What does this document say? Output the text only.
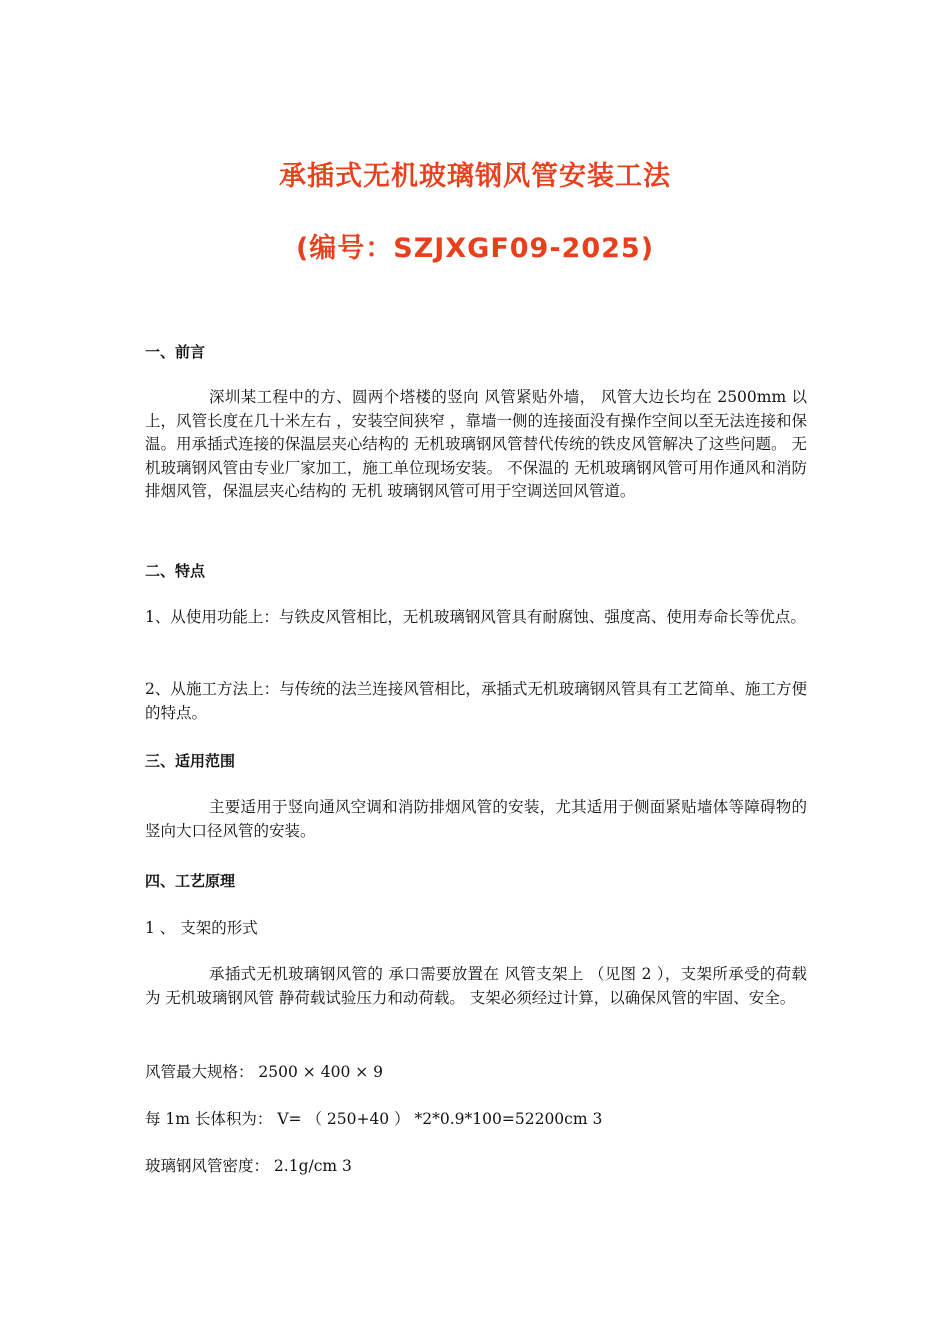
承插式无机玻璃钢风管安装工法
(编号：SZJXGF09-2025)
一、前言

深圳某工程中的方、圆两个塔楼的竖向 风管紧贴外墙， 风管大边长均在 2500mm 以上，风管长度在几十米左右 ，安装空间狭窄 ，靠墙一侧的连接面没有操作空间以至无法连接和保温。用承插式连接的保温层夹心结构的 无机玻璃钢风管替代传统的铁皮风管解决了这些问题。 无机玻璃钢风管由专业厂家加工，施工单位现场安装。 不保温的 无机玻璃钢风管可用作通风和消防排烟风管，保温层夹心结构的 无机 玻璃钢风管可用于空调送回风管道。

二、特点

1、从使用功能上：与铁皮风管相比，无机玻璃钢风管具有耐腐蚀、强度高、使用寿命长等优点。

2、从施工方法上：与传统的法兰连接风管相比，承插式无机玻璃钢风管具有工艺简单、施工方便的特点。

三、适用范围

主要适用于竖向通风空调和消防排烟风管的安装，尤其适用于侧面紧贴墙体等障碍物的竖向大口径风管的安装。

四、工艺原理

1 、 支架的形式

承插式无机玻璃钢风管的 承口需要放置在 风管支架上 （见图 2 ），支架所承受的荷载为 无机玻璃钢风管 静荷载试验压力和动荷载。 支架必须经过计算，以确保风管的牢固、安全。

风管最大规格： 2500 × 400 × 9

每 1m 长体积为： V= （ 250+40 ） *2*0.9*100=52200cm 3

玻璃钢风管密度： 2.1g/cm 3
